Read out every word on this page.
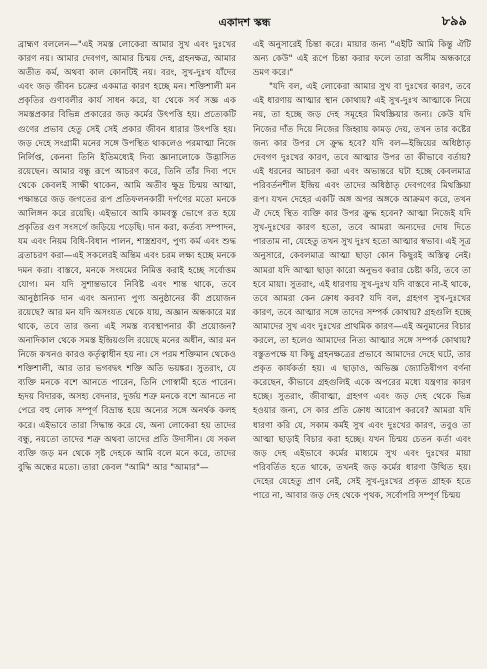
একাদশ স্কন্ধ	৮৯৯

ব্রাহ্মণ বললেন—"এই সমস্ত লোকেরা আমার সুখ এবং দুঃখের কারণ নয়। আমার দেবগণ, আমার চিন্ময় দেহ, গ্রহনক্ষত্র, আমার অতীত কর্ম, অথবা কাল কোনটিই নয়। বরং, সুখ-দুঃখ যাঁদের এবং জড় জীবন চক্রের একমাত্র কারণ হচ্ছে মন। শক্তিশালী মন প্রকৃতির গুণাবলীর কার্য সাধন করে, যা থেকে সর্ব সজ্ঞ এক সমস্তপ্রকার বিভিন্ন প্রকারের জড় কর্মের উৎপত্তি হয়। প্রত্যেকটি গুণের প্রভাব হেতু সেই সেই প্রকার জীবন ধারার উৎপত্তি হয়। জড় দেহে সংগ্রামী মনের সঙ্গে উপস্থিত থাকলেও পরমাত্মা নিজে নির্লিপ্ত, কেননা তিনি ইতিমধ্যেই দিব্য জ্ঞানালোকে উদ্ভাসিত রয়েছেন। আমার বন্ধু রূপে আচরণ করে, তিনি তাঁর দিব্য পদে থেকে কেবলই সাক্ষী থাকেন, আমি অতীব ক্ষুদ্র চিন্ময় আত্মা, পক্ষান্তরে জড় জগতের রূপ প্রতিফলনকারী দর্পণের মতো মনকে আলিঙ্গন করে রয়েছি। এইভাবে আমি কামবস্তু ভোগে রত হয়ে প্রকৃতির গুণ সংসর্গে জড়িয়ে পড়েছি। দান করা, কর্তব্য সম্পাদন, যম এবং নিয়ম বিধি-বিধান পালন, শাস্ত্রশ্রবণ, পুণ্য কর্ম এবং শুদ্ধ ব্রতাচরণ করা—এই সকলেরই অন্তিম এবং চরম লক্ষ্য হচ্ছে মনকে দমন করা। বাস্তবে, মনকে সংযমের নিমিত্ত করাই হচ্ছে সর্বোত্তম যোগ। মন যদি সুশান্তভাবে নিবিষ্ট এবং শান্ত থাকে, তবে আনুষ্ঠানিক দান এবং অন্যান্য পুণ্য অনুষ্ঠানের কী প্রয়োজন রয়েছে? আর মন যদি অসংযত থেকে যায়, অজ্ঞান অন্ধকারে মগ্ন থাকে, তবে তার জন্য এই সমস্ত ব্যবস্থাপনার কী প্রয়োজন? অনাদিকাল থেকে সমস্ত ইন্দ্রিয়গুলি রয়েছে মনের অধীন, আর মন নিজে কখনও কারও কর্তৃত্বাধীন হয় না। সে পরম শক্তিমান থেকেও শক্তিশালী, আর তার ভগবদ্বৎ শক্তি অতি ভয়ঙ্কর। সুতরাং, যে ব্যক্তি মনকে বশে আনতে পারেন, তিনি গোস্বামী হতে পারেন। হৃদয় বিদারক, অসহ্য বেদনার, দুর্জয় শত্রু মনকে বশে আনতে না পেরে বহু লোক সম্পূর্ণ বিভ্রান্ত হয়ে অন্যের সঙ্গে অনর্থক কলহ করে। এইভাবে তারা সিদ্ধান্ত করে যে, অন্য লোকেরা হয় তাদের বন্ধু, নয়তো তাদের শত্রু অথবা তাদের প্রতি উদাসীন। যে সকল ব্যক্তি জড় মন থেকে সৃষ্ট দেহকে আমি বলে মনে করে, তাদের বুদ্ধি অন্ধের মতো। তারা কেবল "আমি" আর "আমার"—

এই অনুসারেই চিন্তা করে। মায়ার জন্য "এইটি আমি কিন্তু ঐটি অন্য কেউ" এই রূপে চিন্তা করার ফলে তারা অসীম অন্ধকারে ভ্রমণ করে।"

"যদি বল, এই লোকেরা আমার সুখ বা দুঃখের কারণ, তবে এই ধারণায় আত্মার স্থান কোথায়? এই সুখ-দুঃখ আত্মাকে নিয়ে নয়, তা হচ্ছে জড় দেহ সমূহের মিথস্ক্রিয়ার জন্য। কেউ যদি নিজের দাঁত দিয়ে নিজের জিহ্বায় কামড় দেয়, তখন তার কষ্টের জন্য কার উপর সে ক্রুদ্ধ হবে? যদি বল—ইন্দ্রিয়ের অধিষ্ঠাতৃ দেবগণ দুঃখের কারণ, তবে আত্মার উপর তা কীভাবে বর্তায়? এই ধরনের আচরণ করা এবং অভ্যন্তরে ঘটা হচ্ছে কেবলমাত্র পরিবর্তনশীল ইন্দ্রিয় এবং তাদের অধিষ্ঠাতৃ দেবগণের মিথস্ক্রিয়া রূপ। যখন দেহের একটি অঙ্গ অপর অঙ্গকে আক্রমণ করে, তখন ঐ দেহে স্থিত ব্যক্তি কার উপর ক্রুদ্ধ হবেন? আত্মা নিজেই যদি সুখ-দুঃখের কারণ হতো, তবে আমরা অন্যদের দোষ দিতে পারতাম না, যেহেতু তখন সুখ দুঃখ হতো আত্মার স্বভাব। এই সূত্র অনুসারে, কেবলমাত্র আত্মা ছাড়া কোন কিছুরই অস্তিত্ব নেই। আমরা যদি আত্মা ছাড়া কারো অনুভব করার চেষ্টা করি, তবে তা হবে মায়া। সুতরাং, এই ধারণায় সুখ-দুঃখ যদি বাস্তবে না-ই থাকে, তবে আমরা কেন ক্রোধ করব? যদি বল, গ্রহগণ সুখ-দুঃখের কারণ, তবে আত্মার সঙ্গে তাদের সম্পর্ক কোথায়? গ্রহগুলি হচ্ছে আমাদের সুখ এবং দুঃখের প্রাথমিক কারণ—এই অনুমানের বিচার করলে, তা হলেও আমাদের নিত্য আত্মার সঙ্গে সম্পর্ক কোথায়? বস্তুতপক্ষে যা কিছু গ্রহনক্ষত্রের প্রভাবে আমাদের দেহে ঘটে, তার প্রকৃত কার্যকর্তা হয়। এ ছাড়াও, অভিজ্ঞ জ্যোতিষীগণ বর্ণনা করেছেন, কীভাবে গ্রহগুলিই একে অপরের মধ্যে যন্ত্রণার কারণ হচ্ছে। সুতরাং, জীবাত্মা, গ্রহগণ এবং জড় দেহ থেকে ভিন্ন হওয়ার জন্য, সে কার প্রতি ক্রোধ আরোপ করবে? আমরা যদি ধারণা করি যে, সকাম কর্মই সুখ এবং দুঃখের কারণ, তবুও তা আত্মা ছাড়াই বিচার করা হচ্ছে। যখন চিন্ময় চেতন কর্তা এবং জড় দেহ এইভাবে কর্মের মাধ্যমে সুখ এবং দুঃখের মায়া পরিবর্তিত হতে থাকে, তখনই জড় কর্মের ধারণা উত্থিত হয়। দেহের যেহেতু প্রাণ নেই, সেই সুখ-দুঃখের প্রকৃত গ্রাহক হতে পারে না, আবার জড় দেহ থেকে পৃথক, সর্বোপরি সম্পূর্ণ চিন্ময়
